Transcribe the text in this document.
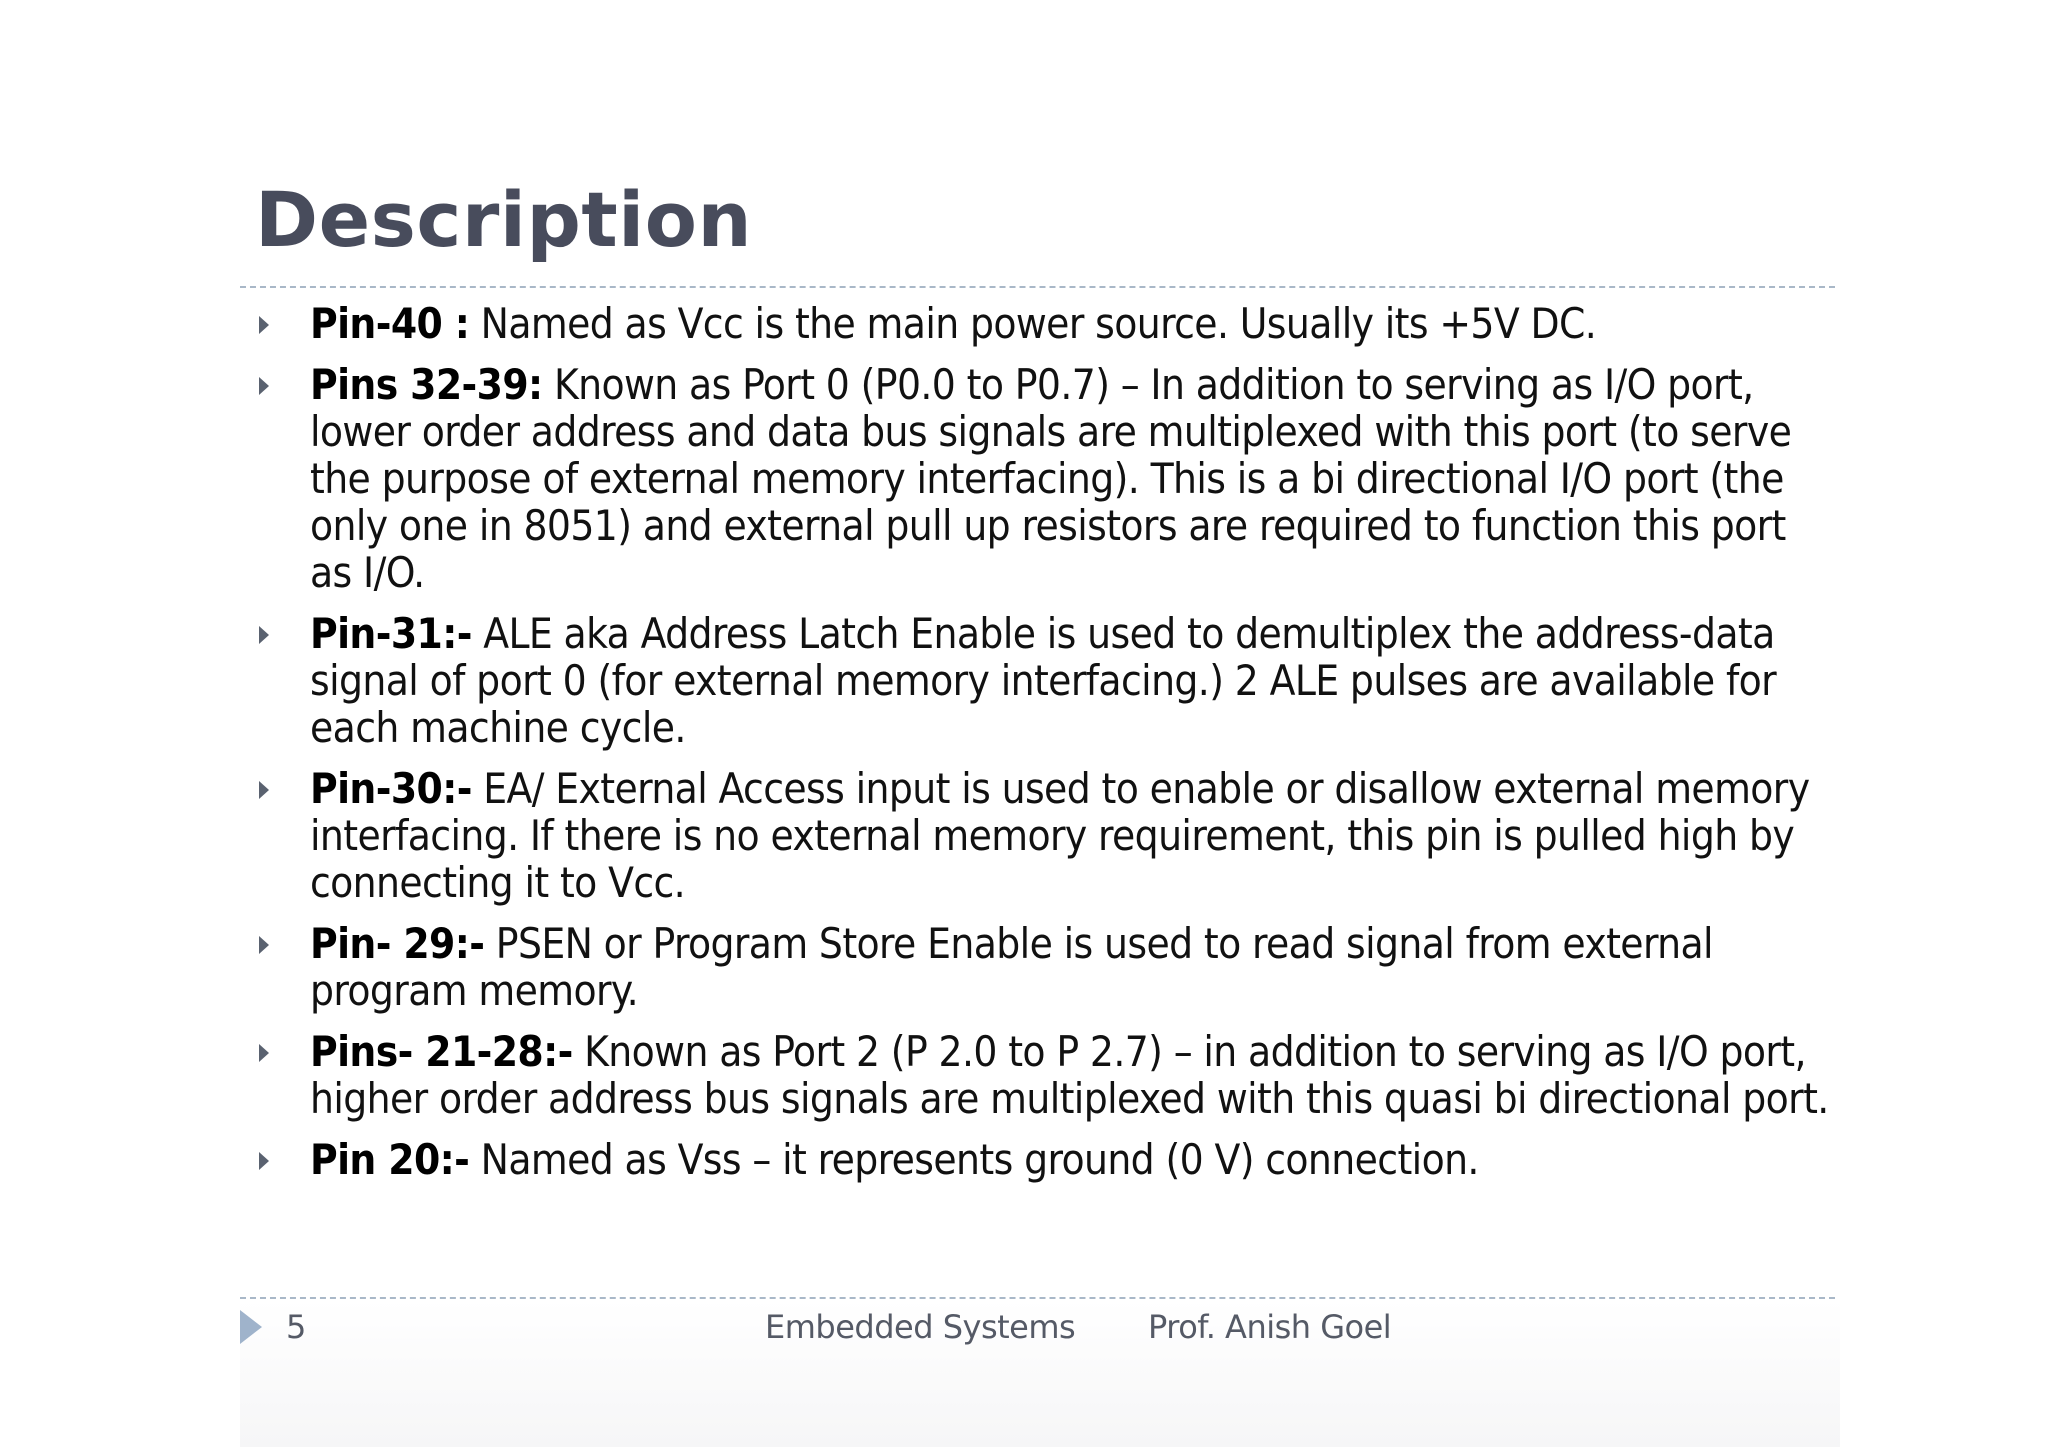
Description
Pin-40 : Named as Vcc is the main power source. Usually its +5V DC.
Pins 32-39: Known as Port 0 (P0.0 to P0.7) – In addition to serving as I/O port, lower order address and data bus signals are multiplexed with this port (to serve the purpose of external memory interfacing). This is a bi directional I/O port (the only one in 8051) and external pull up resistors are required to function this port as I/O.
Pin-31:- ALE aka Address Latch Enable is used to demultiplex the address-data signal of port 0 (for external memory interfacing.) 2 ALE pulses are available for each machine cycle.
Pin-30:- EA/ External Access input is used to enable or disallow external memory interfacing. If there is no external memory requirement, this pin is pulled high by connecting it to Vcc.
Pin- 29:- PSEN or Program Store Enable is used to read signal from external program memory.
Pins- 21-28:- Known as Port 2 (P 2.0 to P 2.7) – in addition to serving as I/O port, higher order address bus signals are multiplexed with this quasi bi directional port.
Pin 20:- Named as Vss – it represents ground (0 V) connection.
5	Embedded Systems Prof. Anish Goel
